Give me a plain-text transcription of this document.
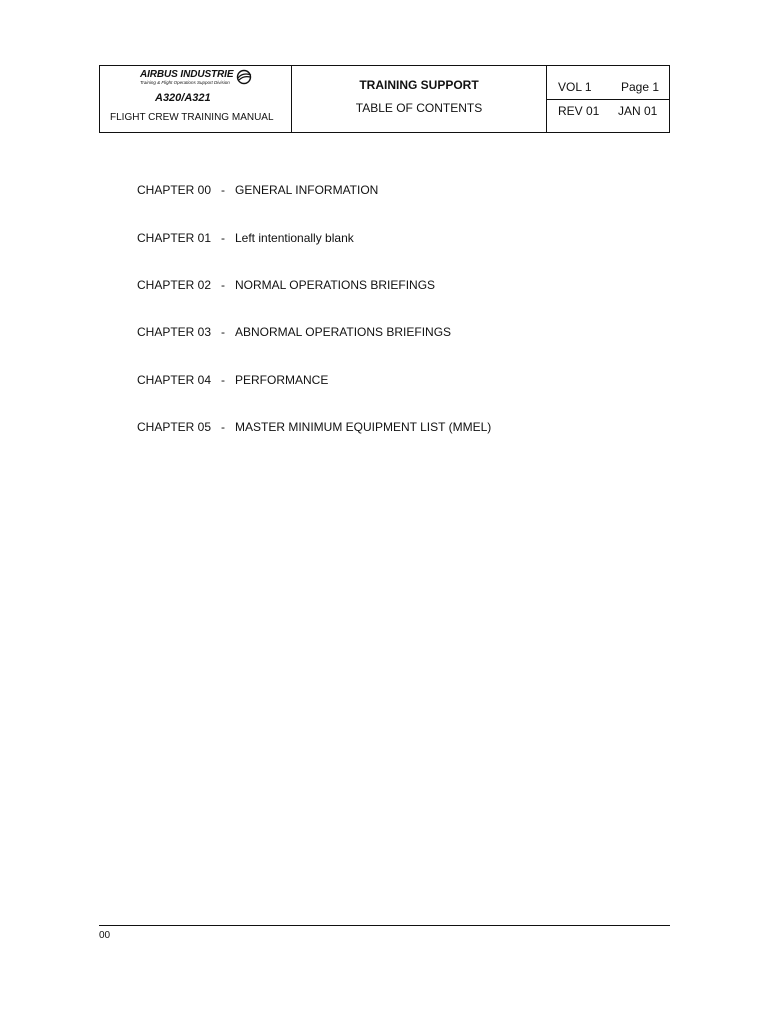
AIRBUS INDUSTRIE
Training & Flight Operations Support Division
A320/A321
FLIGHT CREW TRAINING MANUAL
TRAINING SUPPORT
TABLE OF CONTENTS
VOL 1 Page 1
REV 01 JAN 01
CHAPTER 00 - GENERAL INFORMATION
CHAPTER 01 - Left intentionally blank
CHAPTER 02 - NORMAL OPERATIONS BRIEFINGS
CHAPTER 03 - ABNORMAL OPERATIONS BRIEFINGS
CHAPTER 04 - PERFORMANCE
CHAPTER 05 - MASTER MINIMUM EQUIPMENT LIST (MMEL)
00
